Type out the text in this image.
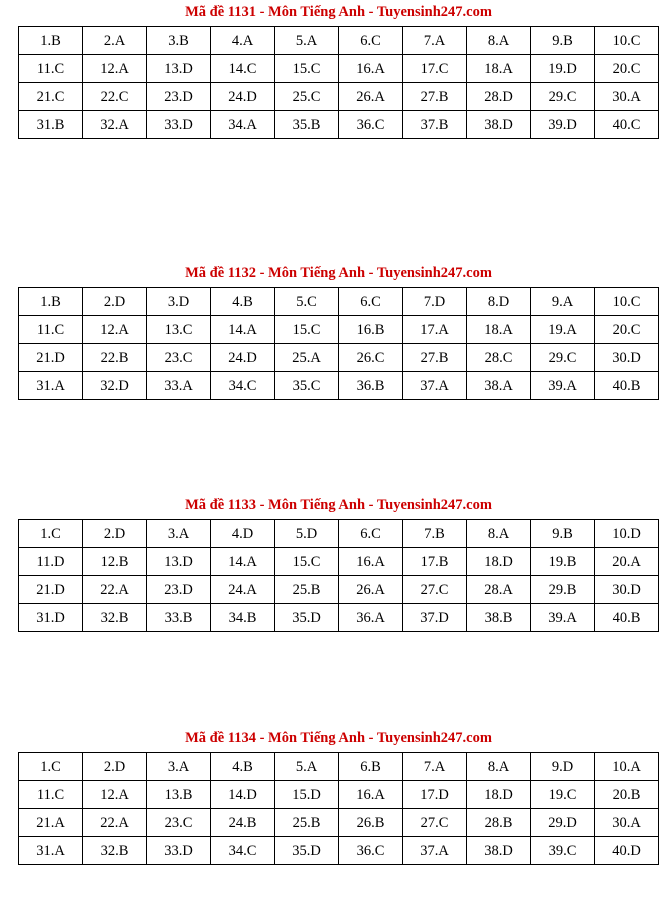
Mã đề 1131 - Môn Tiếng Anh - Tuyensinh247.com
1.B	2.A	3.B	4.A	5.A	6.C	7.A	8.A	9.B	10.C
11.C	12.A	13.D	14.C	15.C	16.A	17.C	18.A	19.D	20.C
21.C	22.C	23.D	24.D	25.C	26.A	27.B	28.D	29.C	30.A
31.B	32.A	33.D	34.A	35.B	36.C	37.B	38.D	39.D	40.C
Mã đề 1132 - Môn Tiếng Anh - Tuyensinh247.com
1.B	2.D	3.D	4.B	5.C	6.C	7.D	8.D	9.A	10.C
11.C	12.A	13.C	14.A	15.C	16.B	17.A	18.A	19.A	20.C
21.D	22.B	23.C	24.D	25.A	26.C	27.B	28.C	29.C	30.D
31.A	32.D	33.A	34.C	35.C	36.B	37.A	38.A	39.A	40.B
Mã đề 1133 - Môn Tiếng Anh - Tuyensinh247.com
1.C	2.D	3.A	4.D	5.D	6.C	7.B	8.A	9.B	10.D
11.D	12.B	13.D	14.A	15.C	16.A	17.B	18.D	19.B	20.A
21.D	22.A	23.D	24.A	25.B	26.A	27.C	28.A	29.B	30.D
31.D	32.B	33.B	34.B	35.D	36.A	37.D	38.B	39.A	40.B
Mã đề 1134 - Môn Tiếng Anh - Tuyensinh247.com
1.C	2.D	3.A	4.B	5.A	6.B	7.A	8.A	9.D	10.A
11.C	12.A	13.B	14.D	15.D	16.A	17.D	18.D	19.C	20.B
21.A	22.A	23.C	24.B	25.B	26.B	27.C	28.B	29.D	30.A
31.A	32.B	33.D	34.C	35.D	36.C	37.A	38.D	39.C	40.D
